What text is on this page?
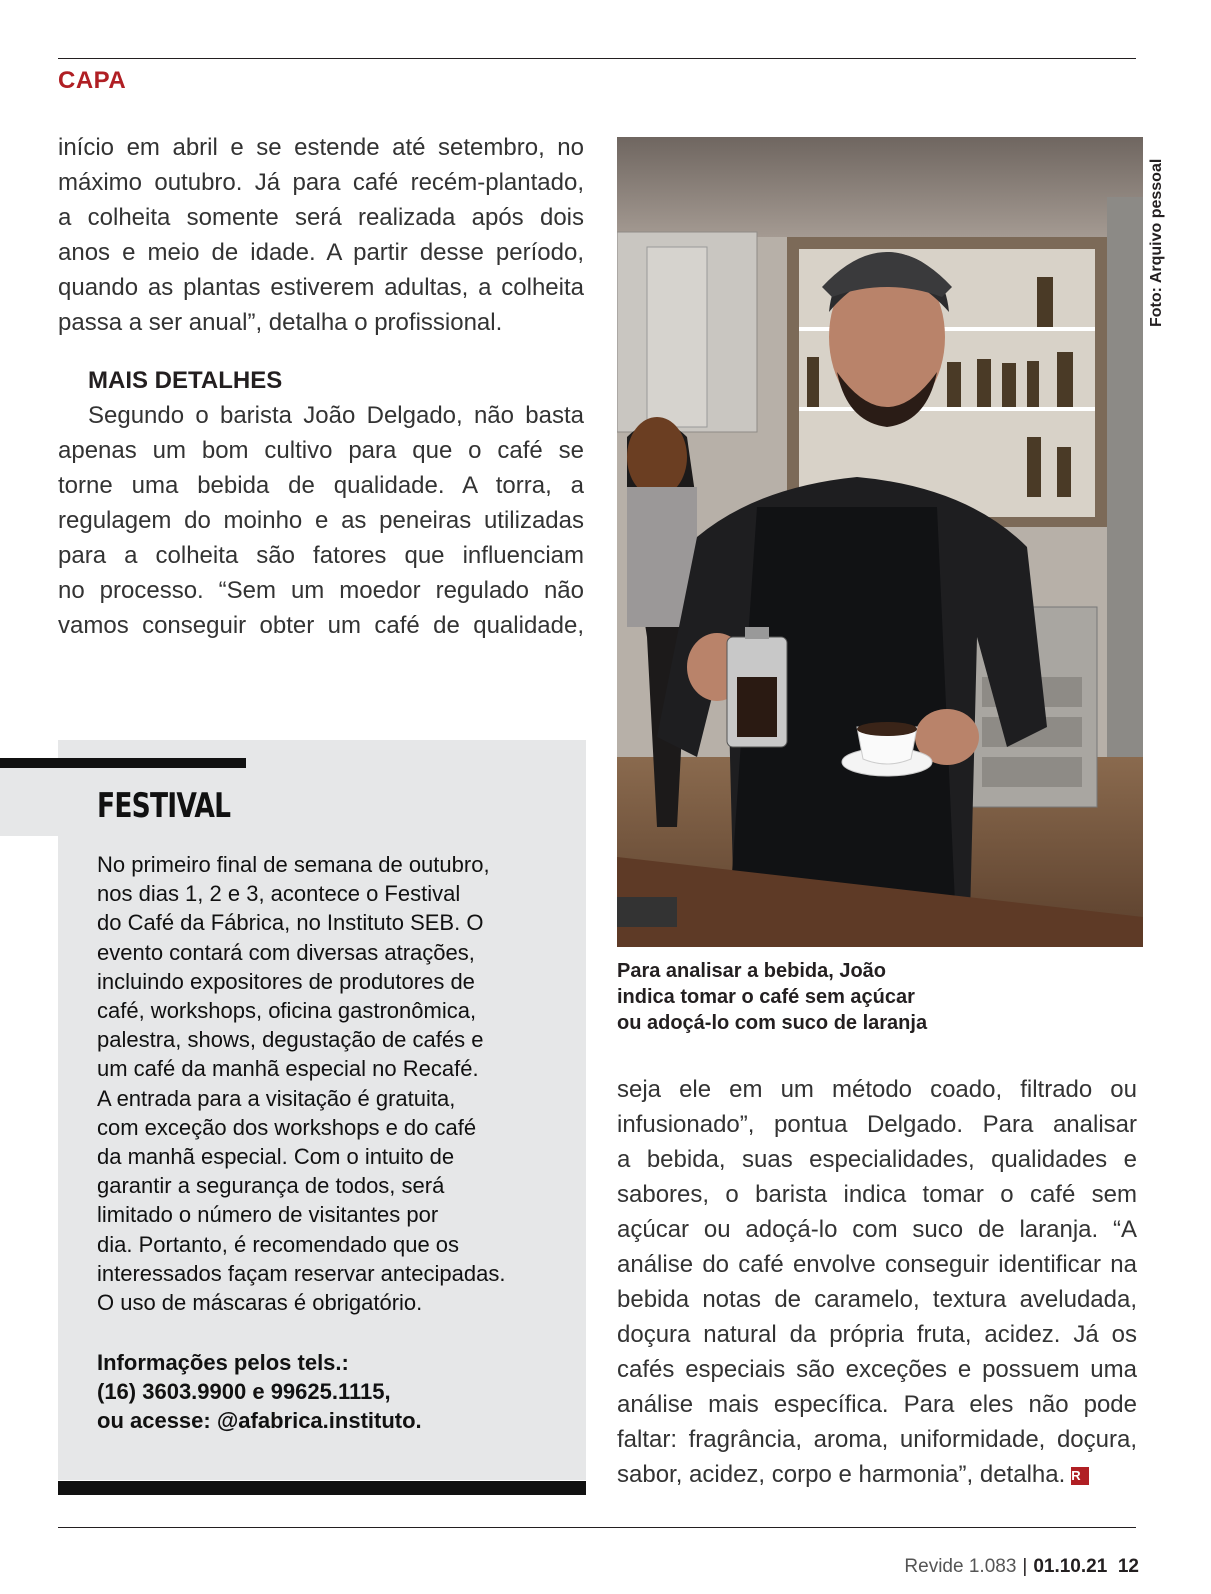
CAPA

início em abril e se estende até setembro, no
máximo outubro. Já para café recém-plantado,
a colheita somente será realizada após dois
anos e meio de idade. A partir desse período,
quando as plantas estiverem adultas, a colheita
passa a ser anual”, detalha o profissional.

MAIS DETALHES

Segundo o barista João Delgado, não basta
apenas um bom cultivo para que o café se
torne uma bebida de qualidade. A torra, a
regulagem do moinho e as peneiras utilizadas
para a colheita são fatores que influenciam
no processo. “Sem um moedor regulado não
vamos conseguir obter um café de qualidade,

Foto: Arquivo pessoal

Para analisar a bebida, João
indica tomar o café sem açúcar
ou adoçá-lo com suco de laranja

seja ele em um método coado, filtrado ou
infusionado”, pontua Delgado. Para analisar
a bebida, suas especialidades, qualidades e
sabores, o barista indica tomar o café sem
açúcar ou adoçá-lo com suco de laranja. “A
análise do café envolve conseguir identificar na
bebida notas de caramelo, textura aveludada,
doçura natural da própria fruta, acidez. Já os
cafés especiais são exceções e possuem uma
análise mais específica. Para eles não pode
faltar: fragrância, aroma, uniformidade, doçura,
sabor, acidez, corpo e harmonia”, detalha. R

FESTIVAL

No primeiro final de semana de outubro,
nos dias 1, 2 e 3, acontece o Festival
do Café da Fábrica, no Instituto SEB. O
evento contará com diversas atrações,
incluindo expositores de produtores de
café, workshops, oficina gastronômica,
palestra, shows, degustação de cafés e
um café da manhã especial no Recafé.
A entrada para a visitação é gratuita,
com exceção dos workshops e do café
da manhã especial. Com o intuito de
garantir a segurança de todos, será
limitado o número de visitantes por
dia. Portanto, é recomendado que os
interessados façam reservar antecipadas.
O uso de máscaras é obrigatório.

Informações pelos tels.:
(16) 3603.9900 e 99625.1115,
ou acesse: @afabrica.instituto.

Revide 1.083 | 01.10.21 12
